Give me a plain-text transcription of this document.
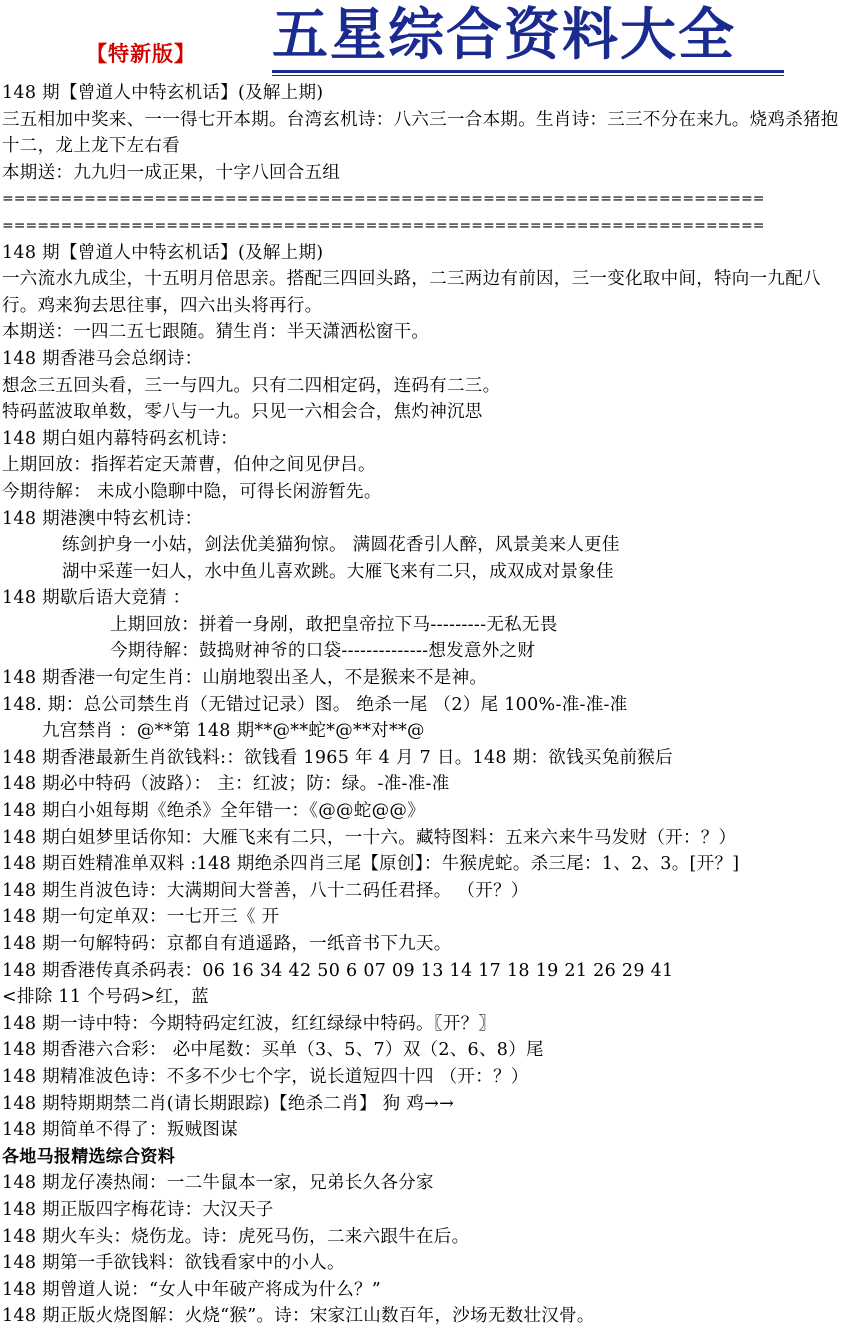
【特新版】 五星综合资料大全
148 期【曾道人中特玄机话】(及解上期)
三五相加中奖来、一一得七开本期。台湾玄机诗：八六三一合本期。生肖诗：三三不分在来九。烧鸡杀猪抱十二，龙上龙下左右看
本期送：九九归一成正果，十字八回合五组
=================================================================
=================================================================
148 期【曾道人中特玄机话】(及解上期)
一六流水九成尘，十五明月倍思亲。搭配三四回头路，二三两边有前因，三一变化取中间，特向一九配八行。鸡来狗去思往事，四六出头将再行。
本期送：一四二五七跟随。猜生肖：半天潇洒松窗干。
148 期香港马会总纲诗：
想念三五回头看，三一与四九。只有二四相定码，连码有二三。
特码蓝波取单数，零八与一九。只见一六相会合，焦灼神沉思
148 期白姐内幕特码玄机诗：
上期回放：指挥若定天萧曹，伯仲之间见伊吕。
今期待解： 未成小隐聊中隐，可得长闲游暂先。
148 期港澳中特玄机诗：
练剑护身一小姑，剑法优美猫狗惊。 满圆花香引人醉，风景美来人更佳
湖中采莲一妇人，水中鱼儿喜欢跳。大雁飞来有二只，成双成对景象佳
148 期歇后语大竞猜 ：
上期回放：拼着一身剐，敢把皇帝拉下马---------无私无畏
今期待解：鼓捣财神爷的口袋--------------想发意外之财
148 期香港一句定生肖：山崩地裂出圣人，不是猴来不是神。
148. 期：总公司禁生肖（无错过记录）图。 绝杀一尾 （2）尾 100%-准-准-准
九宫禁肖 ：@**第 148 期**@**蛇*@**对**@
148 期香港最新生肖欲钱料:：欲钱看 1965 年 4 月 7 日。148 期：欲钱买兔前猴后
148 期必中特码（波路）： 主：红波；防：绿。-准-准-准
148 期白小姐每期《绝杀》全年错一：《@@蛇@@》
148 期白姐梦里话你知：大雁飞来有二只，一十六。藏特图料：五来六来牛马发财（开：？）
148 期百姓精准单双料 :148 期绝杀四肖三尾【原创】：牛猴虎蛇。杀三尾：1、2、3。[开？]
148 期生肖波色诗：大满期间大誉善，八十二码任君择。 （开？）
148 期一句定单双：一七开三《 开
148 期一句解特码：京都自有逍遥路，一纸音书下九天。
148 期香港传真杀码表：06 16 34 42 50 6 07 09 13 14 17 18 19 21 26 29 41
<排除 11 个号码>红，蓝
148 期一诗中特：今期特码定红波，红红绿绿中特码。〖开？〗
148 期香港六合彩： 必中尾数：买单（3、5、7）双（2、6、8）尾
148 期精准波色诗：不多不少七个字，说长道短四十四 （开：？）
148 期特期期禁二肖(请长期跟踪)【绝杀二肖】 狗 鸡→→
148 期简单不得了：叛贼图谋
各地马报精选综合资料
148 期龙仔凑热闹：一二牛鼠本一家，兄弟长久各分家
148 期正版四字梅花诗：大汉天子
148 期火车头：烧伤龙。诗：虎死马伤，二来六跟牛在后。
148 期第一手欲钱料：欲钱看家中的小人。
148 期曾道人说：“女人中年破产将成为什么？”
148 期正版火烧图解：火烧“猴”。诗：宋家江山数百年，沙场无数壮汉骨。
